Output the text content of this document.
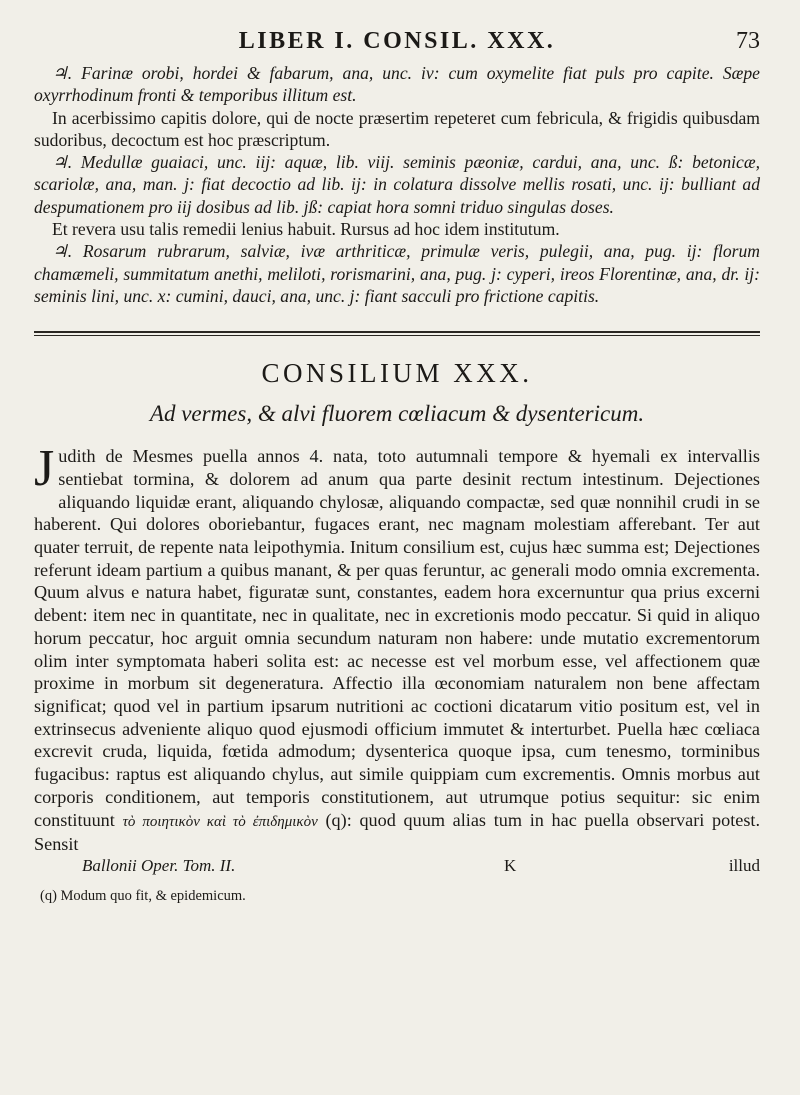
LIBER I. CONSIL. XXX.	73

♃. Farinæ orobi, hordei & fabarum, ana, unc. iv: cum oxymelite fiat puls pro capite. Sæpe oxyrrhodinum fronti & temporibus illitum est.

In acerbissimo capitis dolore, qui de nocte præsertim repeteret cum febricula, & frigidis quibusdam sudoribus, decoctum est hoc præscriptum.

♃. Medullæ guaiaci, unc. iij: aquæ, lib. viij. seminis pæoniæ, cardui, ana, unc. ß: betonicæ, scariolæ, ana, man. j: fiat decoctio ad lib. ij: in colatura dissolve mellis rosati, unc. ij: bulliant ad despumationem pro iij dosibus ad lib. jß: capiat hora somni triduo singulas doses.

Et revera usu talis remedii lenius habuit. Rursus ad hoc idem institutum.

♃. Rosarum rubrarum, salviæ, ivæ arthriticæ, primulæ veris, pulegii, ana, pug. ij: florum chamæmeli, summitatum anethi, meliloti, rorismarini, ana, pug. j: cyperi, ireos Florentinæ, ana, dr. ij: seminis lini, unc. x: cumini, dauci, ana, unc. j: fiant sacculi pro frictione capitis.

CONSILIUM XXX.
Ad vermes, & alvi fluorem cœliacum & dysentericum.

Judith de Mesmes puella annos 4. nata, toto autumnali tempore & hyemali ex intervallis sentiebat tormina, & dolorem ad anum qua parte desinit rectum intestinum. Dejectiones aliquando liquidæ erant, aliquando chylosæ, aliquando compactæ, sed quæ nonnihil crudi in se haberent. Qui dolores oboriebantur, fugaces erant, nec magnam molestiam afferebant. Ter aut quater terruit, de repente nata leipothymia. Initum consilium est, cujus hæc summa est; Dejectiones referunt ideam partium a quibus manant, & per quas feruntur, ac generali modo omnia excrementa. Quum alvus e natura habet, figuratæ sunt, constantes, eadem hora excernuntur qua prius excerni debent: item nec in quantitate, nec in qualitate, nec in excretionis modo peccatur. Si quid in aliquo horum peccatur, hoc arguit omnia secundum naturam non habere: unde mutatio excrementorum olim inter symptomata haberi solita est: ac necesse est vel morbum esse, vel affectionem quæ proxime in morbum sit degeneratura. Affectio illa œconomiam naturalem non bene affectam significat; quod vel in partium ipsarum nutritioni ac coctioni dicatarum vitio positum est, vel in extrinsecus adveniente aliquo quod ejusmodi officium immutet & interturbet. Puella hæc cœliaca excrevit cruda, liquida, fœtida admodum; dysenterica quoque ipsa, cum tenesmo, torminibus fugacibus: raptus est aliquando chylus, aut simile quippiam cum excrementis. Omnis morbus aut corporis conditionem, aut temporis constitutionem, aut utrumque potius sequitur: sic enim constituunt τὸ ποιητικὸν καὶ τὸ ἐπιδημικὸν (q): quod quum alias tum in hac puella observari potest. Sensit

Ballonii Oper. Tom. II.	K	illud
(q) Modum quo fit, & epidemicum.
